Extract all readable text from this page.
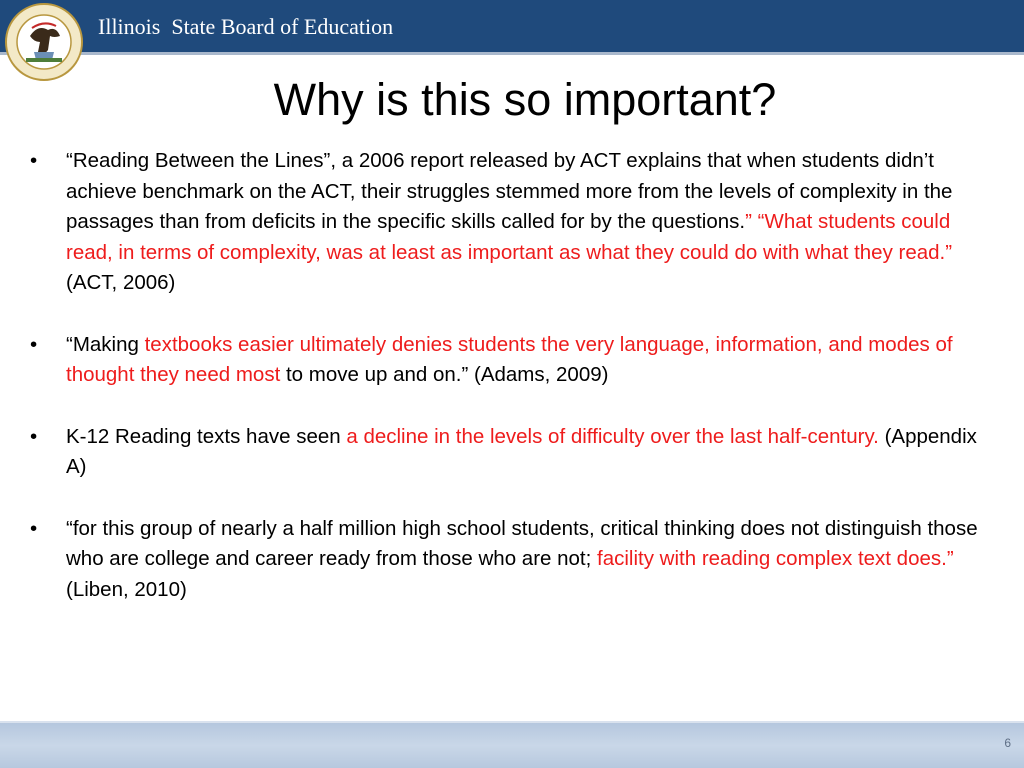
Illinois  State Board of Education
Why is this so important?
• “Reading Between the Lines”, a 2006 report released by ACT explains that when students didn’t achieve benchmark on the ACT, their struggles stemmed more from the levels of complexity in the passages than from deficits in the specific skills called for by the questions.” “What students could read, in terms of complexity, was at least as important as what they could do with what they read.” (ACT, 2006)
• “Making textbooks easier ultimately denies students the very language, information, and modes of thought they need most to move up and on.” (Adams, 2009)
• K-12 Reading texts have seen a decline in the levels of difficulty over the last half-century. (Appendix A)
• “for this group of nearly a half million high school students, critical thinking does not distinguish those who are college and career ready from those who are not; facility with reading complex text does.” (Liben, 2010)
6
